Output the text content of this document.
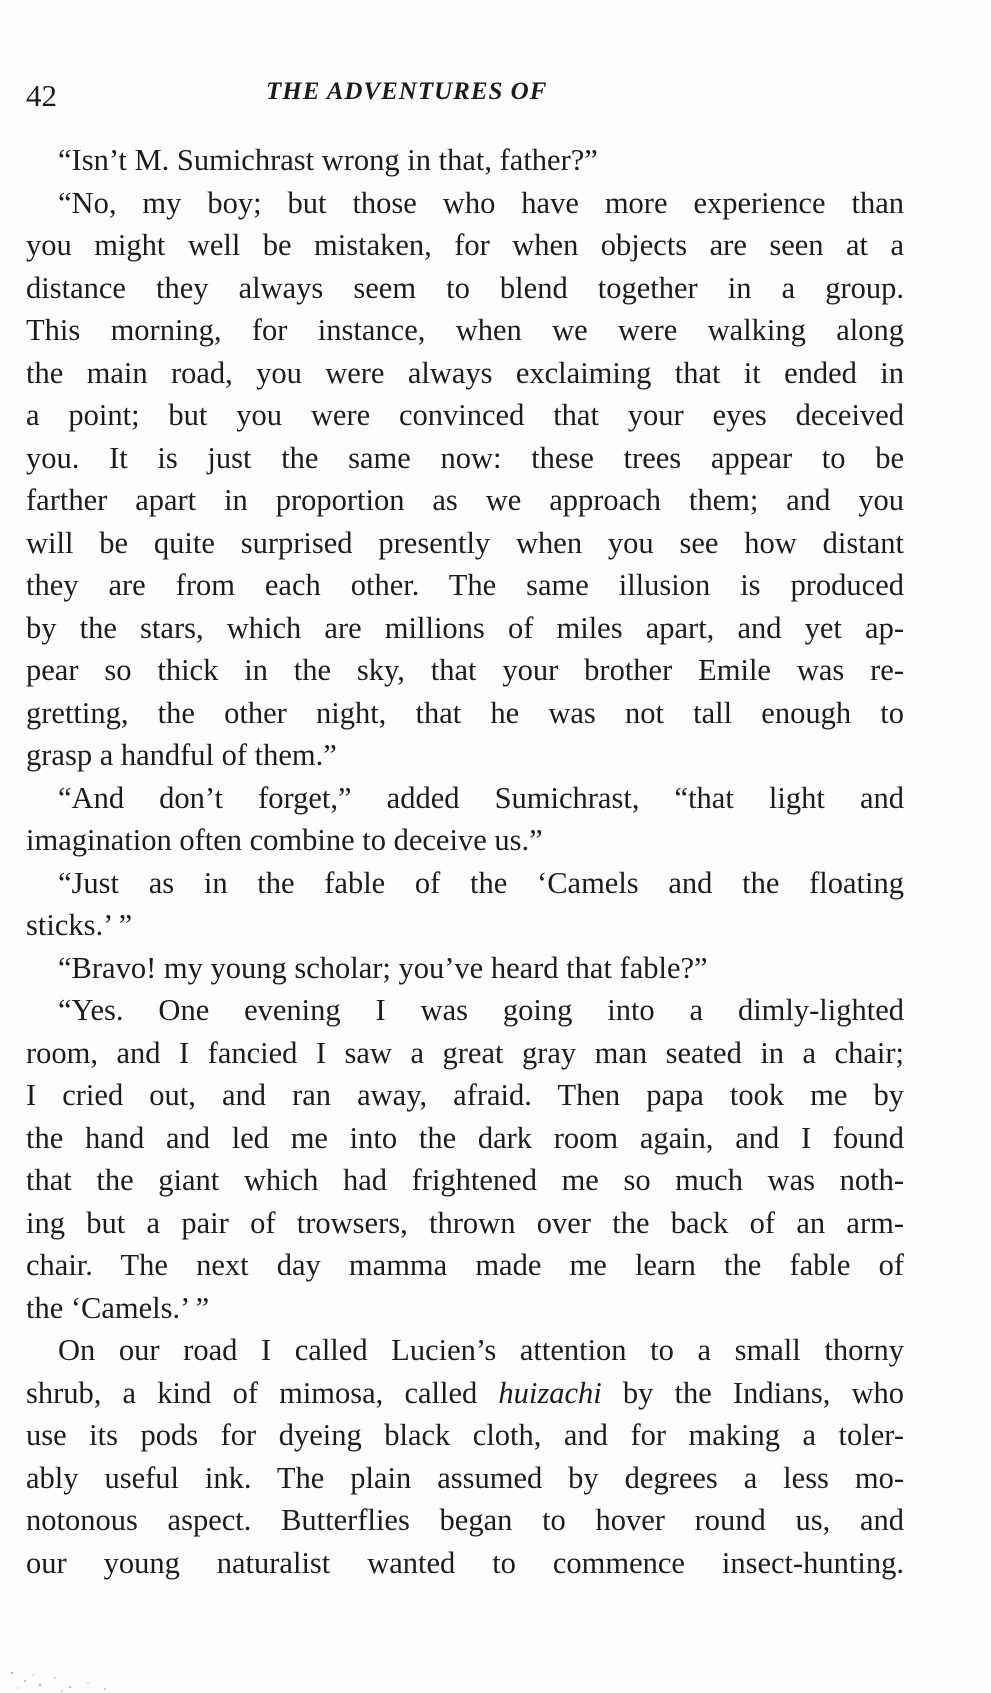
42	THE ADVENTURES OF
“Isn’t M. Sumichrast wrong in that, father?”
“No, my boy; but those who have more experience than
you might well be mistaken, for when objects are seen at a
distance they always seem to blend together in a group.
This morning, for instance, when we were walking along
the main road, you were always exclaiming that it ended in
a point; but you were convinced that your eyes deceived
you. It is just the same now: these trees appear to be
farther apart in proportion as we approach them; and you
will be quite surprised presently when you see how distant
they are from each other. The same illusion is produced
by the stars, which are millions of miles apart, and yet ap-
pear so thick in the sky, that your brother Emile was re-
gretting, the other night, that he was not tall enough to
grasp a handful of them.”
“And don’t forget,” added Sumichrast, “that light and
imagination often combine to deceive us.”
“Just as in the fable of the ‘Camels and the floating
sticks.’ ”
“Bravo! my young scholar; you’ve heard that fable?”
“Yes. One evening I was going into a dimly-lighted
room, and I fancied I saw a great gray man seated in a chair;
I cried out, and ran away, afraid. Then papa took me by
the hand and led me into the dark room again, and I found
that the giant which had frightened me so much was noth-
ing but a pair of trowsers, thrown over the back of an arm-
chair. The next day mamma made me learn the fable of
the ‘Camels.’ ”
On our road I called Lucien’s attention to a small thorny
shrub, a kind of mimosa, called huizachi by the Indians, who
use its pods for dyeing black cloth, and for making a toler-
ably useful ink. The plain assumed by degrees a less mo-
notonous aspect. Butterflies began to hover round us, and
our young naturalist wanted to commence insect-hunting.
